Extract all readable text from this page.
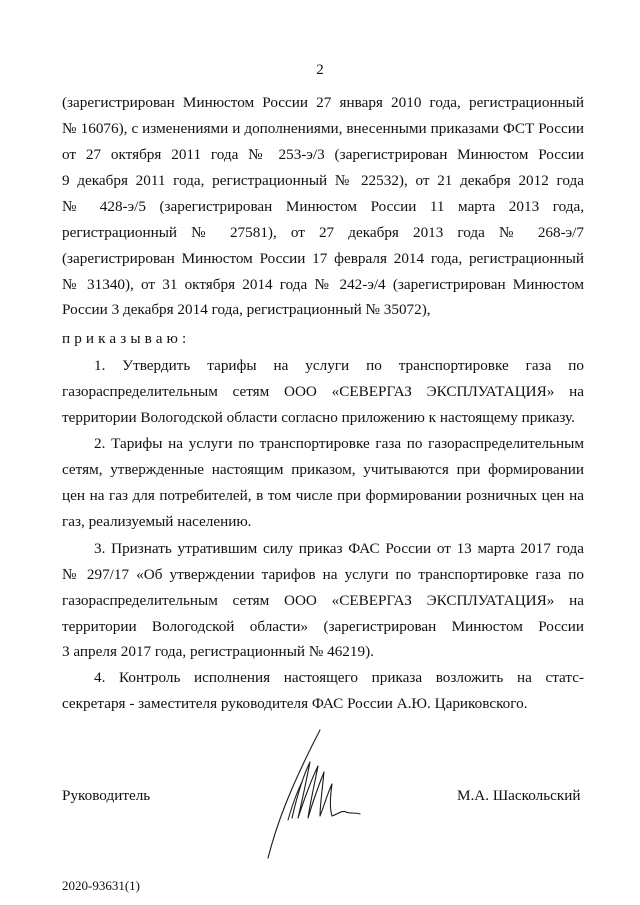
2
(зарегистрирован Минюстом России 27 января 2010 года, регистрационный
№ 16076), с изменениями и дополнениями, внесенными приказами ФСТ России
от 27 октября 2011 года № 253-э/3 (зарегистрирован Минюстом России
9 декабря 2011 года, регистрационный № 22532), от 21 декабря 2012 года
№ 428-э/5 (зарегистрирован Минюстом России 11 марта 2013 года,
регистрационный № 27581), от 27 декабря 2013 года № 268-э/7
(зарегистрирован Минюстом России 17 февраля 2014 года, регистрационный
№ 31340), от 31 октября 2014 года № 242-э/4 (зарегистрирован Минюстом
России 3 декабря 2014 года, регистрационный № 35072),
приказываю:
1. Утвердить тарифы на услуги по транспортировке газа по
газораспределительным сетям ООО «СЕВЕРГАЗ ЭКСПЛУАТАЦИЯ» на
территории Вологодской области согласно приложению к настоящему приказу.
2. Тарифы на услуги по транспортировке газа по газораспределительным
сетям, утвержденные настоящим приказом, учитываются при формировании
цен на газ для потребителей, в том числе при формировании розничных цен на
газ, реализуемый населению.
3. Признать утратившим силу приказ ФАС России от 13 марта 2017 года
№ 297/17 «Об утверждении тарифов на услуги по транспортировке газа по
газораспределительным сетям ООО «СЕВЕРГАЗ ЭКСПЛУАТАЦИЯ» на
территории Вологодской области» (зарегистрирован Минюстом России
3 апреля 2017 года, регистрационный № 46219).
4. Контроль исполнения настоящего приказа возложить на статс-
секретаря - заместителя руководителя ФАС России А.Ю. Цариковского.
Руководитель	М.А. Шаскольский
2020-93631(1)
